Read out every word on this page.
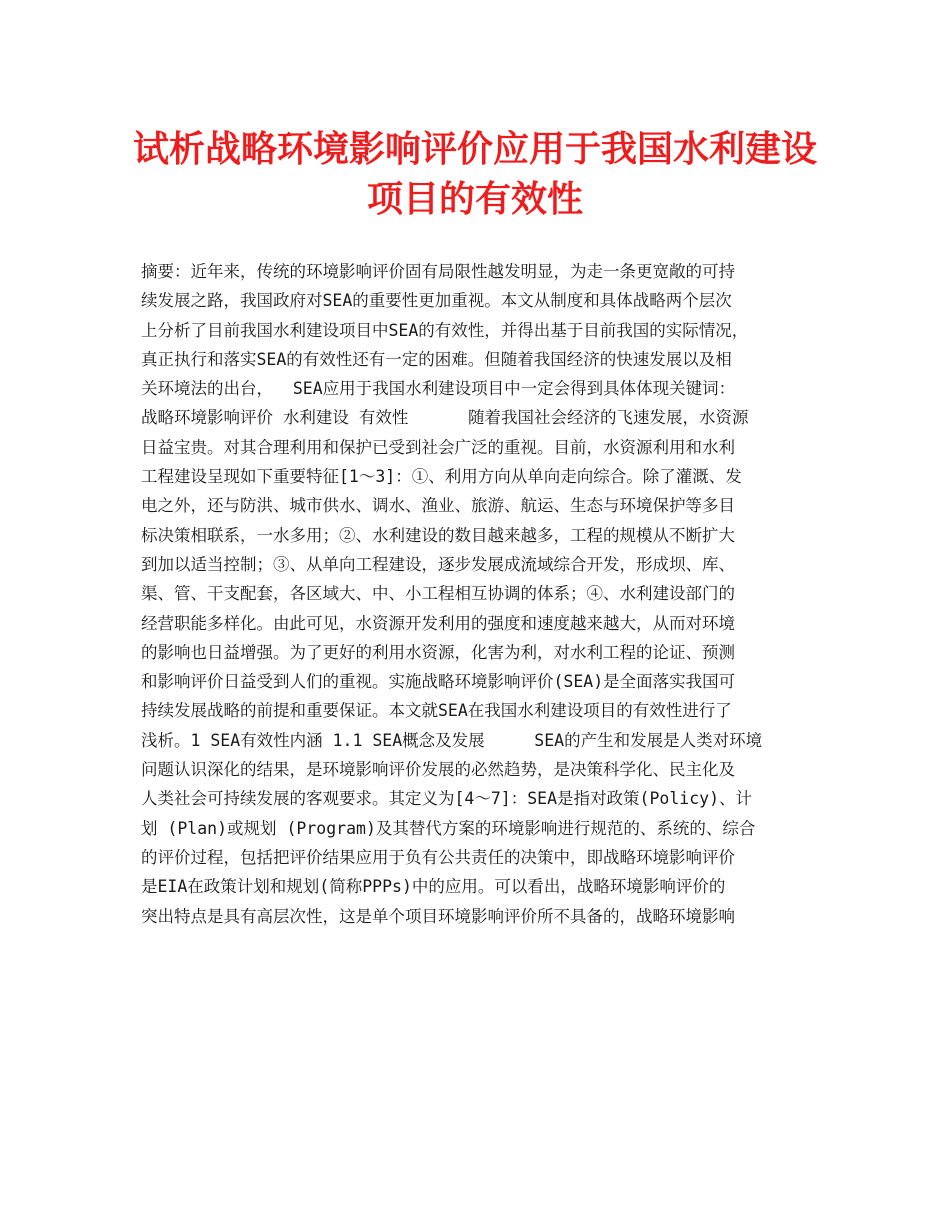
试析战略环境影响评价应用于我国水利建设
项目的有效性
摘要：近年来，传统的环境影响评价固有局限性越发明显，为走一条更宽敞的可持
续发展之路，我国政府对SEA的重要性更加重视。本文从制度和具体战略两个层次
上分析了目前我国水利建设项目中SEA的有效性，并得出基于目前我国的实际情况，
真正执行和落实SEA的有效性还有一定的困难。但随着我国经济的快速发展以及相
关环境法的出台，  SEA应用于我国水利建设项目中一定会得到具体体现关键词：
战略环境影响评价 水利建设 有效性      随着我国社会经济的飞速发展，水资源
日益宝贵。对其合理利用和保护已受到社会广泛的重视。目前，水资源利用和水利
工程建设呈现如下重要特征[1～3]：①、利用方向从单向走向综合。除了灌溉、发
电之外，还与防洪、城市供水、调水、渔业、旅游、航运、生态与环境保护等多目
标决策相联系，一水多用；②、水利建设的数目越来越多，工程的规模从不断扩大
到加以适当控制；③、从单向工程建设，逐步发展成流域综合开发，形成坝、库、
渠、管、干支配套，各区域大、中、小工程相互协调的体系；④、水利建设部门的
经营职能多样化。由此可见，水资源开发利用的强度和速度越来越大，从而对环境
的影响也日益增强。为了更好的利用水资源，化害为利，对水利工程的论证、预测
和影响评价日益受到人们的重视。实施战略环境影响评价(SEA)是全面落实我国可
持续发展战略的前提和重要保证。本文就SEA在我国水利建设项目的有效性进行了
浅析。1 SEA有效性内涵 1.1 SEA概念及发展     SEA的产生和发展是人类对环境
问题认识深化的结果，是环境影响评价发展的必然趋势，是决策科学化、民主化及
人类社会可持续发展的客观要求。其定义为[4～7]：SEA是指对政策(Policy)、计
划 (Plan)或规划 (Program)及其替代方案的环境影响进行规范的、系统的、综合
的评价过程，包括把评价结果应用于负有公共责任的决策中，即战略环境影响评价
是EIA在政策计划和规划(简称PPPs)中的应用。可以看出，战略环境影响评价的
突出特点是具有高层次性，这是单个项目环境影响评价所不具备的，战略环境影响
